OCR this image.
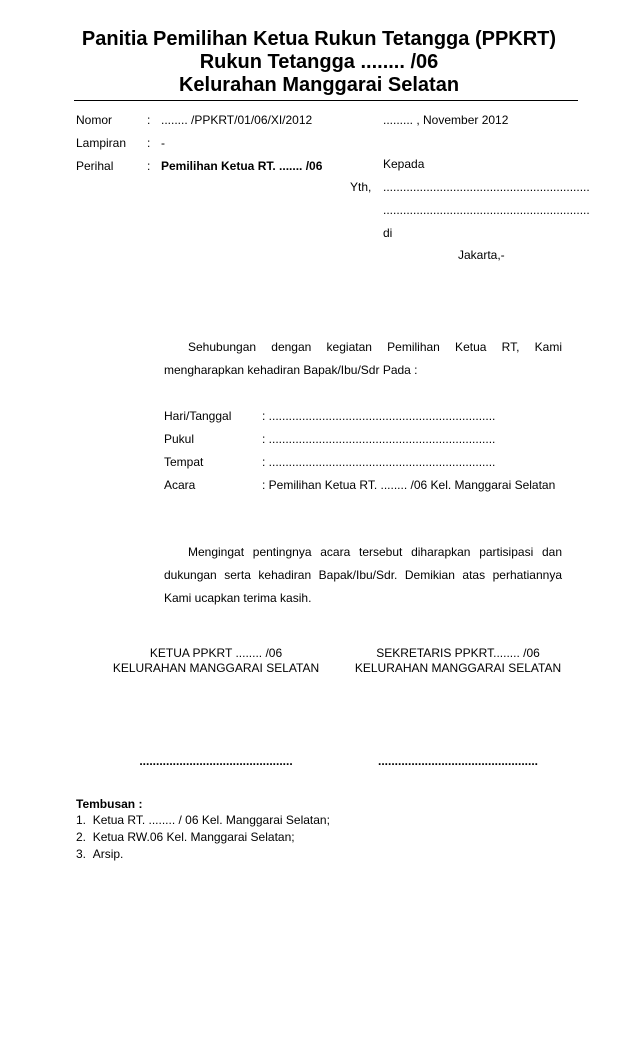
Panitia Pemilihan Ketua Rukun Tetangga (PPKRT)
Rukun Tetangga ........ /06
Kelurahan Manggarai Selatan
Nomor	: ........ /PPKRT/01/06/XI/2012
Lampiran : -
Perihal	: Pemilihan Ketua RT. ....... /06
......... , November 2012
Kepada
Yth, ..............................................................
..............................................................
di
Jakarta,-

Sehubungan dengan kegiatan Pemilihan Ketua RT, Kami mengharapkan kehadiran Bapak/Ibu/Sdr Pada :

Hari/Tanggal	: ....................................................................
Pukul	: ....................................................................
Tempat	: ....................................................................
Acara	: Pemilihan Ketua RT. ........ /06 Kel. Manggarai Selatan

Mengingat pentingnya acara tersebut diharapkan partisipasi dan dukungan serta kehadiran Bapak/Ibu/Sdr. Demikian atas perhatiannya Kami ucapkan terima kasih.

KETUA PPKRT ........ /06
KELURAHAN MANGGARAI SELATAN
SEKRETARIS PPKRT........ /06
KELURAHAN MANGGARAI SELATAN
..............................................	................................................
Tembusan :
1.  Ketua RT. ........ / 06 Kel. Manggarai Selatan;
2.  Ketua RW.06 Kel. Manggarai Selatan;
3.  Arsip.
